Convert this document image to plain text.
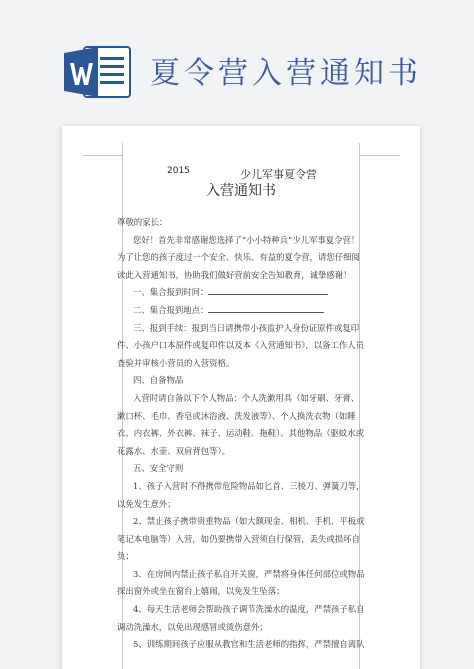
夏令营入营通知书
2015	少儿军事夏令营
入营通知书

尊敬的家长：

您好！首先非常感谢您选择了“小小特种兵”少儿军事夏令营！为了让您的孩子度过一个安全、快乐、有益的夏令营，请您仔细阅读此入营通知书，协助我们做好营前安全告知教育，诚挚感谢！

一、集合报到时间：

二、集合报到地点：

三、报到手续：报到当日请携带小孩监护人身份证原件或复印件、小孩户口本原件或复印件以及本《入营通知书》，以备工作人员查验并审核小营员的入营资格。

四、自备物品

入营时请自备以下个人物品：个人洗漱用具（如牙刷、牙膏、漱口杯、毛巾、香皂或沐浴液、洗发液等）、个人换洗衣物（如睡衣、内衣裤、外衣裤、袜子、运动鞋、拖鞋）、其他物品（驱蚊水或花露水、水壶、双肩背包等）。

五、安全守则

1、孩子入营时不得携带危险物品如匕首、三棱刀、弹簧刀等，以免发生意外；

2、禁止孩子携带贵重物品（如大额现金、相机、手机、平板或笔记本电脑等）入营，如仍要携带入营须自行保管，丢失或损坏自负；

3、在房间内禁止孩子私自开关窗，严禁将身体任何部位或物品探出窗外或坐在窗台上嬉闹，以免发生坠落；

4、每天生活老师会帮助孩子调节洗澡水的温度，严禁孩子私自调动洗澡水，以免出现感冒或烫伤意外；

5、训练期间孩子应服从教官和生活老师的指挥，严禁擅自离队
